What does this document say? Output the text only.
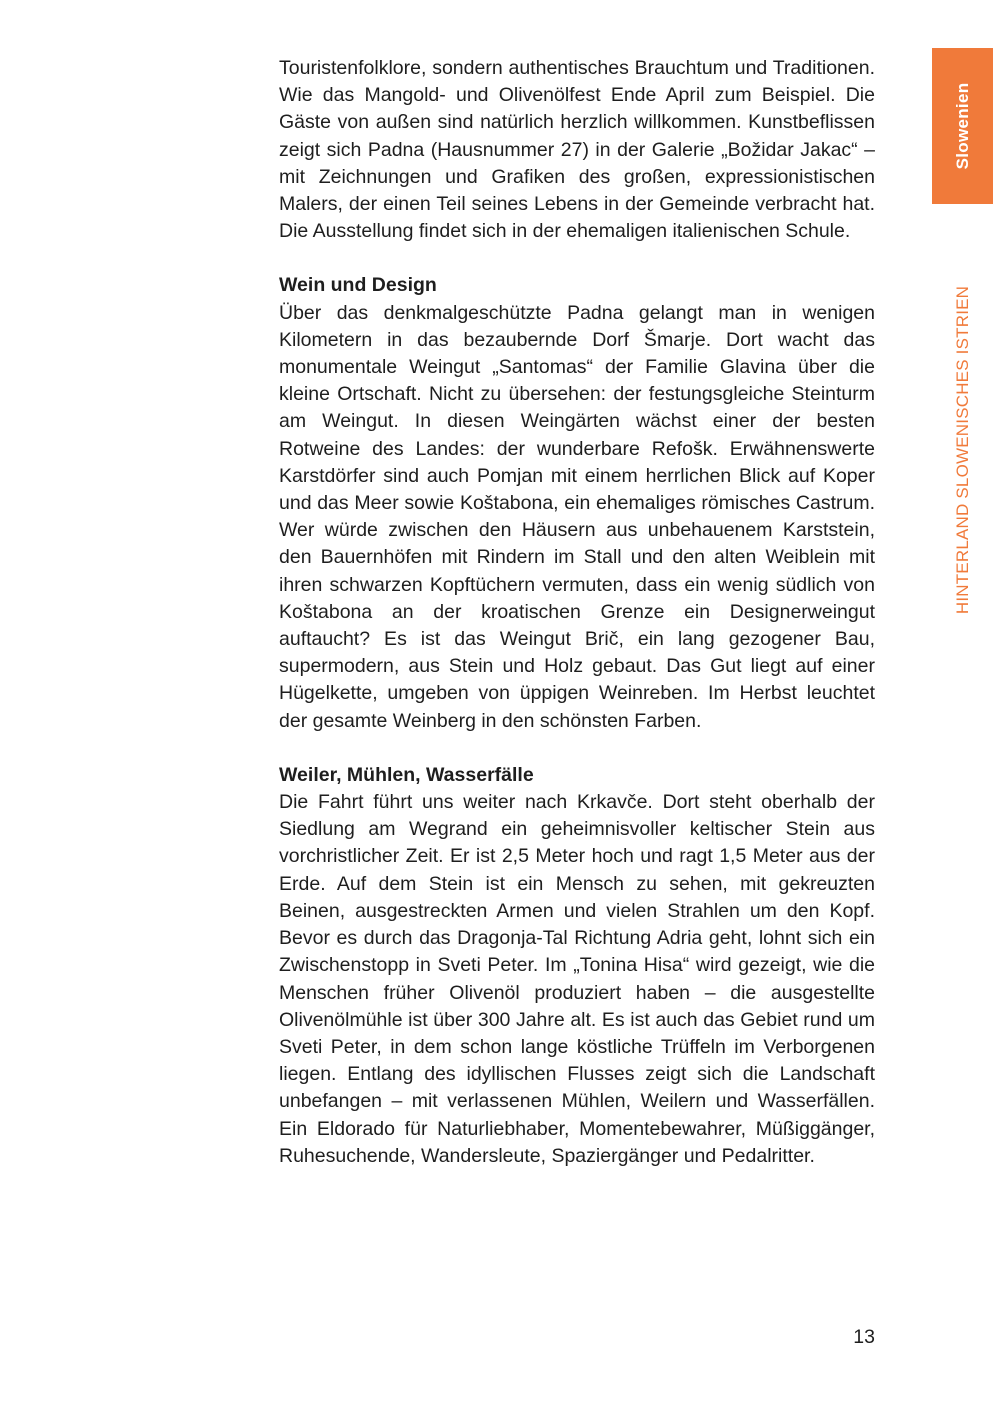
Slowenien
HINTERLAND SLOWENISCHES ISTRIEN

Touristenfolklore, sondern authentisches Brauchtum und Traditionen. Wie das Mangold- und Olivenölfest Ende April zum Beispiel. Die Gäste von außen sind natürlich herzlich willkommen. Kunstbeflissen zeigt sich Padna (Hausnummer 27) in der Galerie „Božidar Jakac“ – mit Zeichnungen und Grafiken des großen, expressionistischen Malers, der einen Teil seines Lebens in der Gemeinde verbracht hat. Die Ausstellung findet sich in der ehemaligen italienischen Schule.

Wein und Design

Über das denkmalgeschützte Padna gelangt man in wenigen Kilometern in das bezaubernde Dorf Šmarje. Dort wacht das monumentale Weingut „Santomas“ der Familie Glavina über die kleine Ortschaft. Nicht zu übersehen: der festungsgleiche Steinturm am Weingut. In diesen Weingärten wächst einer der besten Rotweine des Landes: der wunderbare Refošk. Erwähnenswerte Karstdörfer sind auch Pomjan mit einem herrlichen Blick auf Koper und das Meer sowie Koštabona, ein ehemaliges römisches Castrum. Wer würde zwischen den Häusern aus unbehauenem Karststein, den Bauernhöfen mit Rindern im Stall und den alten Weiblein mit ihren schwarzen Kopftüchern vermuten, dass ein wenig südlich von Koštabona an der kroatischen Grenze ein Designerweingut auftaucht? Es ist das Weingut Brič, ein lang gezogener Bau, supermodern, aus Stein und Holz gebaut. Das Gut liegt auf einer Hügelkette, umgeben von üppigen Weinreben. Im Herbst leuchtet der gesamte Weinberg in den schönsten Farben.

Weiler, Mühlen, Wasserfälle

Die Fahrt führt uns weiter nach Krkavče. Dort steht oberhalb der Siedlung am Wegrand ein geheimnisvoller keltischer Stein aus vorchristlicher Zeit. Er ist 2,5 Meter hoch und ragt 1,5 Meter aus der Erde. Auf dem Stein ist ein Mensch zu sehen, mit gekreuzten Beinen, ausgestreckten Armen und vielen Strahlen um den Kopf. Bevor es durch das Dragonja-Tal Richtung Adria geht, lohnt sich ein Zwischenstopp in Sveti Peter. Im „Tonina Hisa“ wird gezeigt, wie die Menschen früher Olivenöl produziert haben – die ausgestellte Olivenölmühle ist über 300 Jahre alt. Es ist auch das Gebiet rund um Sveti Peter, in dem schon lange köstliche Trüffeln im Verborgenen liegen. Entlang des idyllischen Flusses zeigt sich die Landschaft unbefangen – mit verlassenen Mühlen, Weilern und Wasserfällen. Ein Eldorado für Naturliebhaber, Momentebewahrer, Müßiggänger, Ruhesuchende, Wandersleute, Spaziergänger und Pedalritter.

13
